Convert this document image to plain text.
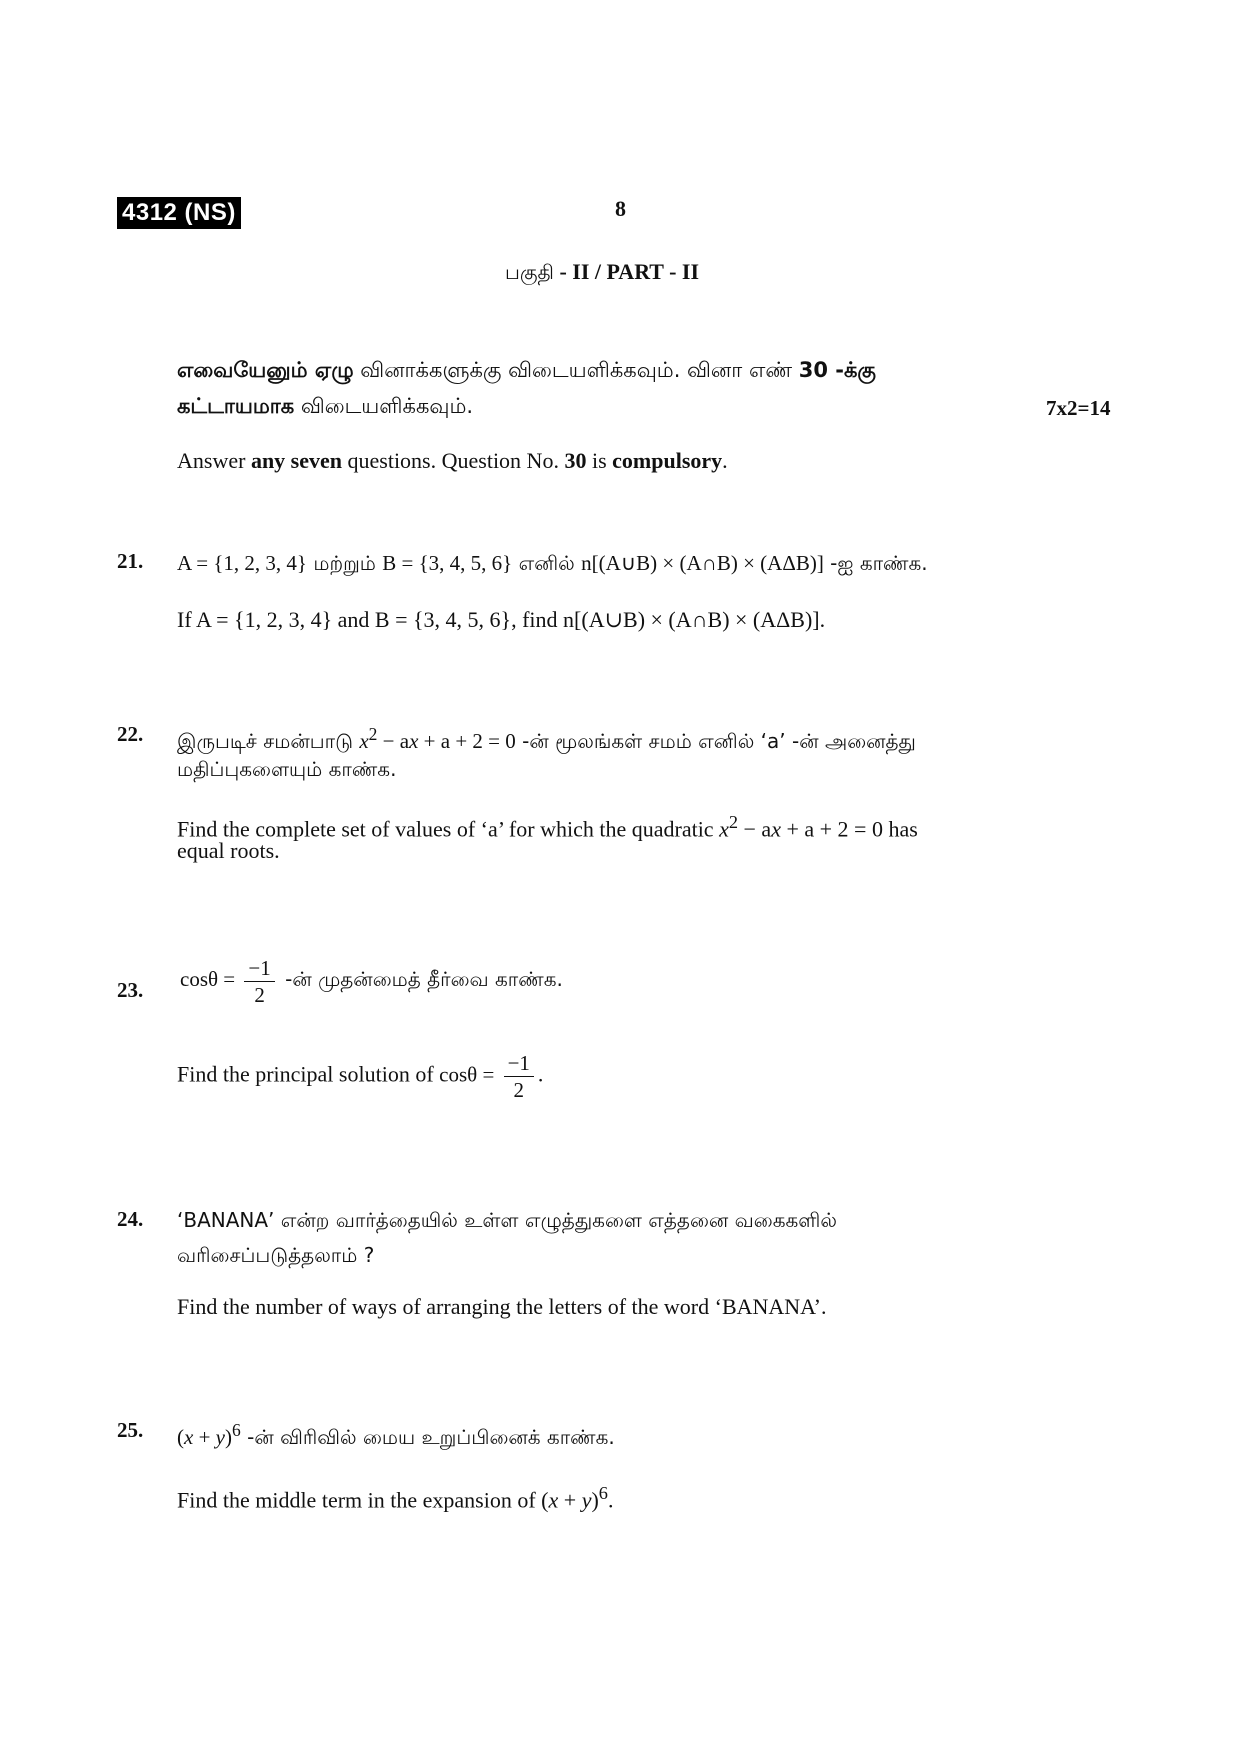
4312 (NS)	8
பகுதி - II / PART - II
எவையேனும் ஏழு வினாக்களுக்கு விடையளிக்கவும். வினா எண் 30 -க்கு
கட்டாயமாக விடையளிக்கவும்.	7x2=14
Answer any seven questions. Question No. 30 is compulsory.
21. A = {1, 2, 3, 4} மற்றும் B = {3, 4, 5, 6} எனில் n[(A∪B) × (A∩B) × (AΔB)] -ஐ காண்க.
If A = {1, 2, 3, 4} and B = {3, 4, 5, 6}, find n[(A∪B) × (A∩B) × (AΔB)].
22. இருபடிச் சமன்பாடு $x^2$ − ax + a + 2 = 0 -ன் மூலங்கள் சமம் எனில் ‘a’ -ன் அனைத்து
மதிப்புகளையும் காண்க.
Find the complete set of values of ‘a’ for which the quadratic $x^2$ − ax + a + 2 = 0 has
equal roots.
23. $\cos\theta = \frac{-1}{2}$ -ன் முதன்மைத் தீர்வை காண்க.
Find the principal solution of $\cos\theta = \frac{-1}{2}$ .
24. ‘BANANA’ என்ற வார்த்தையில் உள்ள எழுத்துகளை எத்தனை வகைகளில்
வரிசைப்படுத்தலாம் ?
Find the number of ways of arranging the letters of the word ‘BANANA’.
25. $(x + y)^6$ -ன் விரிவில் மைய உறுப்பினைக் காண்க.
Find the middle term in the expansion of $(x + y)^6$.
